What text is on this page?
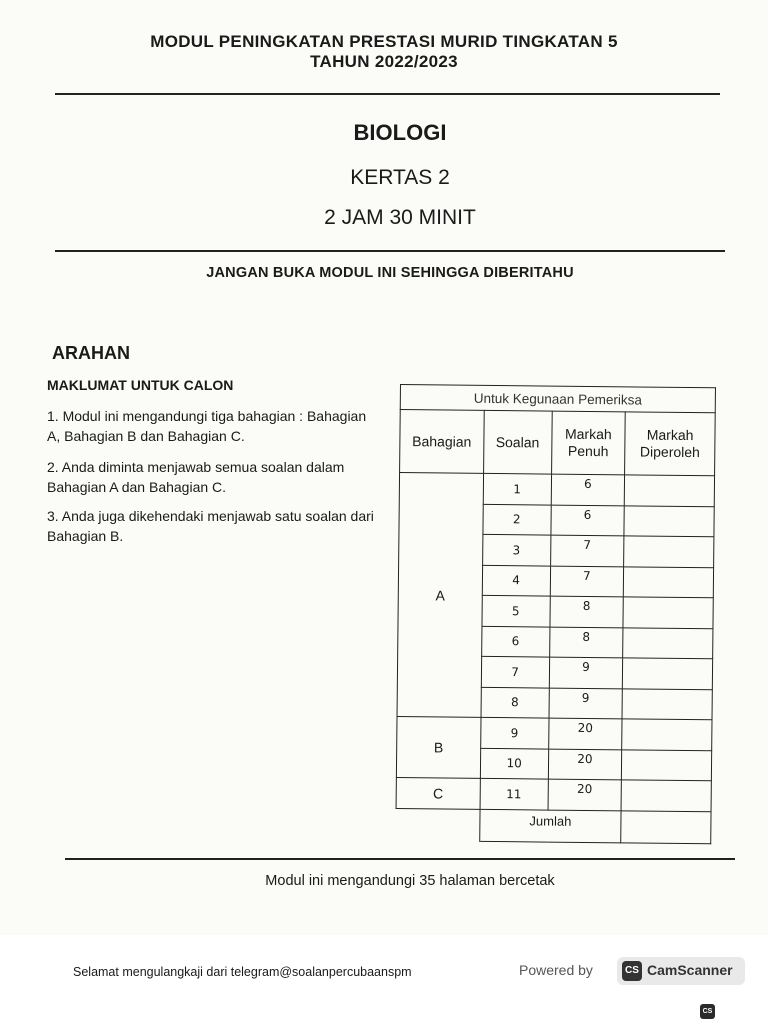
MODUL PENINGKATAN PRESTASI MURID TINGKATAN 5
TAHUN 2022/2023
BIOLOGI
KERTAS 2
2 JAM 30 MINIT
JANGAN BUKA MODUL INI SEHINGGA DIBERITAHU
ARAHAN
MAKLUMAT UNTUK CALON
1. Modul ini mengandungi tiga bahagian : Bahagian A, Bahagian B dan Bahagian C.
2. Anda diminta menjawab semua soalan dalam Bahagian A dan Bahagian C.
3. Anda juga dikehendaki menjawab satu soalan dari Bahagian B.
Untuk Kegunaan Pemeriksa			
Bahagian	Soalan	Markah Penuh	Markah Diperoleh
A	1	6	
	2	6	
	3	7	
	4	7	
	5	8	
	6	8	
	7	9	
	8	9	
B	9	20	
	10	20	
C	11	20	
	Jumlah		
Modul ini mengandungi 35 halaman bercetak
Selamat mengulangkaji dari telegram@soalanpercubaanspm	Powered by	CS CamScanner
CS
